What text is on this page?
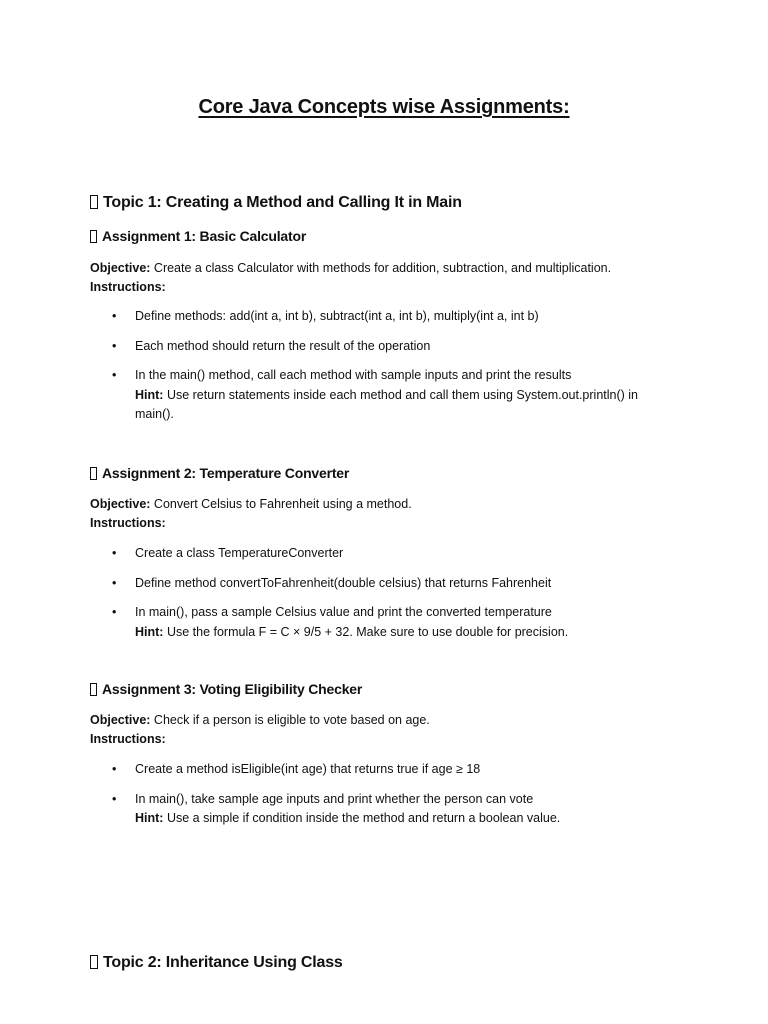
Core Java Concepts wise Assignments:
Topic 1: Creating a Method and Calling It in Main
Assignment 1: Basic Calculator
Objective: Create a class Calculator with methods for addition, subtraction, and multiplication.
Instructions:
• Define methods: add(int a, int b), subtract(int a, int b), multiply(int a, int b)
• Each method should return the result of the operation
• In the main() method, call each method with sample inputs and print the results
Hint: Use return statements inside each method and call them using System.out.println() in main().
Assignment 2: Temperature Converter
Objective: Convert Celsius to Fahrenheit using a method.
Instructions:
• Create a class TemperatureConverter
• Define method convertToFahrenheit(double celsius) that returns Fahrenheit
• In main(), pass a sample Celsius value and print the converted temperature
Hint: Use the formula F = C × 9/5 + 32. Make sure to use double for precision.
Assignment 3: Voting Eligibility Checker
Objective: Check if a person is eligible to vote based on age.
Instructions:
• Create a method isEligible(int age) that returns true if age ≥ 18
• In main(), take sample age inputs and print whether the person can vote
Hint: Use a simple if condition inside the method and return a boolean value.
Topic 2: Inheritance Using Class
